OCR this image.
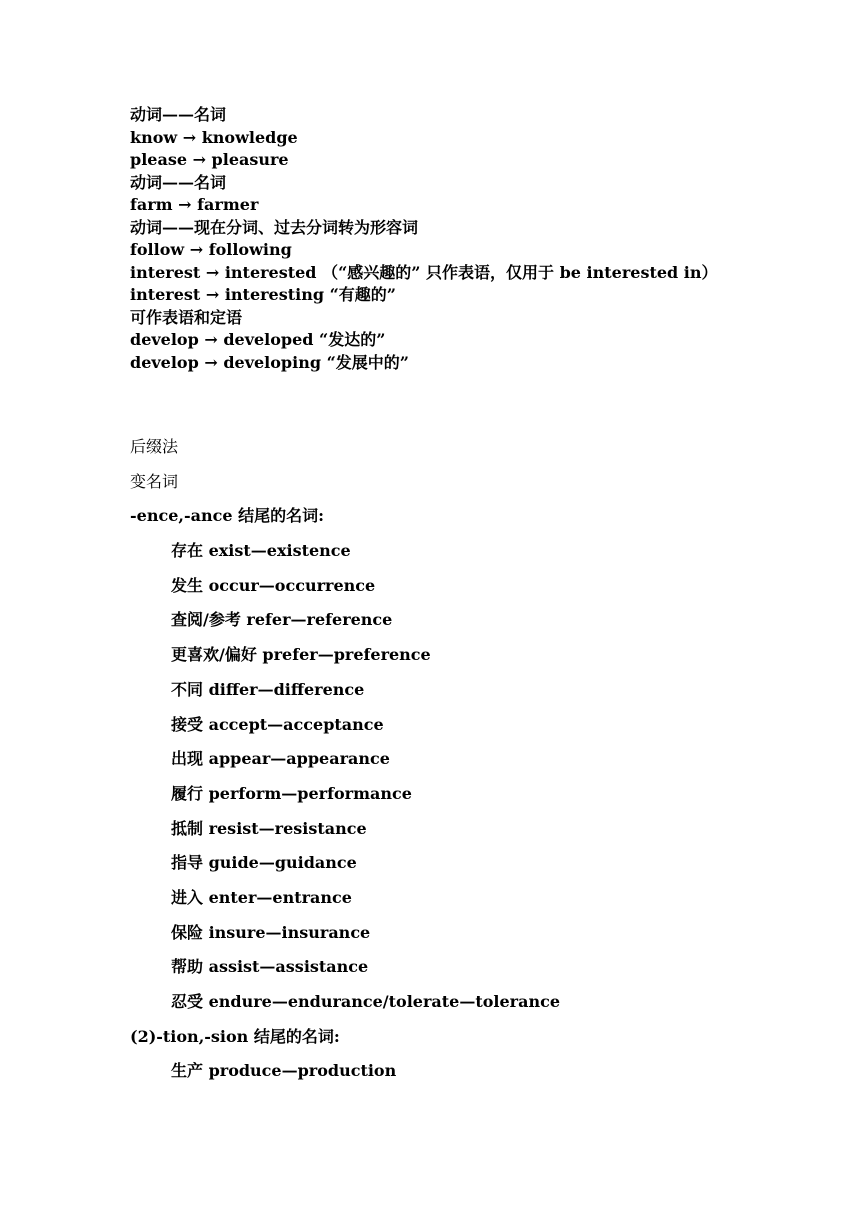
动词——名词
know → knowledge
please → pleasure
动词——名词
farm → farmer
动词——现在分词、过去分词转为形容词
follow → following
interest → interested （“感兴趣的” 只作表语，仅用于 be interested in）
interest → interesting “有趣的”
可作表语和定语
develop → developed “发达的”
develop → developing “发展中的”
后缀法
变名词
-ence,-ance 结尾的名词:
存在 exist—existence
发生 occur—occurrence
查阅/参考 refer—reference
更喜欢/偏好 prefer—preference
不同 differ—difference
接受 accept—acceptance
出现 appear—appearance
履行 perform—performance
抵制 resist—resistance
指导 guide—guidance
进入 enter—entrance
保险 insure—insurance
帮助 assist—assistance
忍受 endure—endurance/tolerate—tolerance
(2)-tion,-sion 结尾的名词:
生产 produce—production
